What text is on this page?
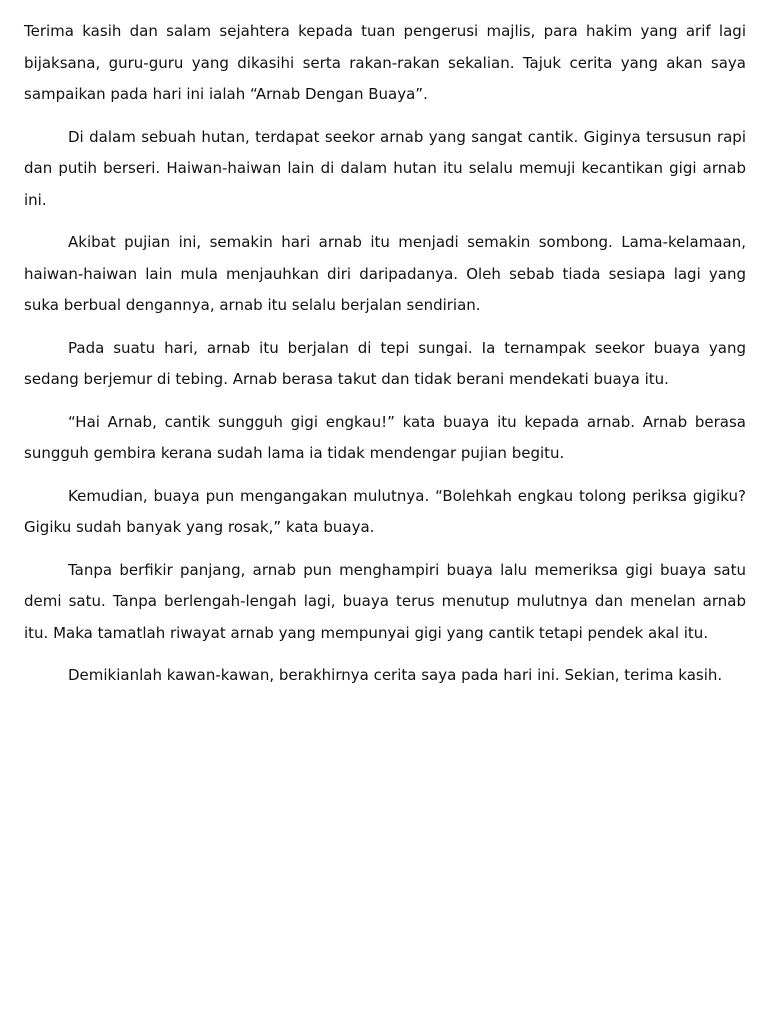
Terima kasih dan salam sejahtera kepada tuan pengerusi majlis, para hakim yang arif lagi bijaksana, guru-guru yang dikasihi serta rakan-rakan sekalian. Tajuk cerita yang akan saya sampaikan pada hari ini ialah “Arnab Dengan Buaya”.

Di dalam sebuah hutan, terdapat seekor arnab yang sangat cantik. Giginya tersusun rapi dan putih berseri. Haiwan-haiwan lain di dalam hutan itu selalu memuji kecantikan gigi arnab ini.

Akibat pujian ini, semakin hari arnab itu menjadi semakin sombong. Lama-kelamaan, haiwan-haiwan lain mula menjauhkan diri daripadanya. Oleh sebab tiada sesiapa lagi yang suka berbual dengannya, arnab itu selalu berjalan sendirian.

Pada suatu hari, arnab itu berjalan di tepi sungai. Ia ternampak seekor buaya yang sedang berjemur di tebing. Arnab berasa takut dan tidak berani mendekati buaya itu.

“Hai Arnab, cantik sungguh gigi engkau!” kata buaya itu kepada arnab. Arnab berasa sungguh gembira kerana sudah lama ia tidak mendengar pujian begitu.

Kemudian, buaya pun mengangakan mulutnya. “Bolehkah engkau tolong periksa gigiku? Gigiku sudah banyak yang rosak,” kata buaya.

Tanpa berfikir panjang, arnab pun menghampiri buaya lalu memeriksa gigi buaya satu demi satu. Tanpa berlengah-lengah lagi, buaya terus menutup mulutnya dan menelan arnab itu. Maka tamatlah riwayat arnab yang mempunyai gigi yang cantik tetapi pendek akal itu.

Demikianlah kawan-kawan, berakhirnya cerita saya pada hari ini. Sekian, terima kasih.
